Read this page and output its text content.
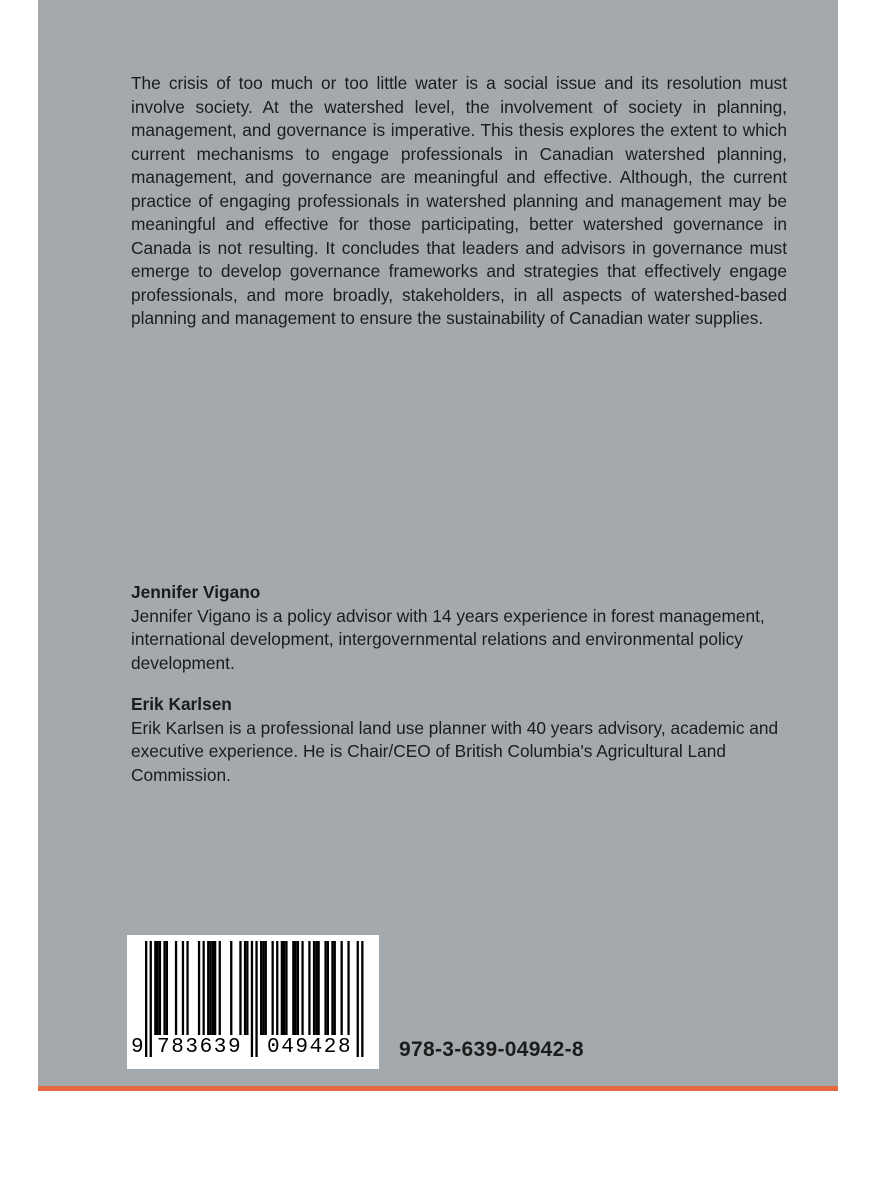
The crisis of too much or too little water is a social issue and its resolution must involve society. At the watershed level, the involvement of society in planning, management, and governance is imperative. This thesis explores the extent to which current mechanisms to engage professionals in Canadian watershed planning, management, and governance are meaningful and effective. Although, the current practice of engaging professionals in watershed planning and management may be meaningful and effective for those participating, better watershed governance in Canada is not resulting. It concludes that leaders and advisors in governance must emerge to develop governance frameworks and strategies that effectively engage professionals, and more broadly, stakeholders, in all aspects of watershed-based planning and management to ensure the sustainability of Canadian water supplies.

Jennifer Vigano

Jennifer Vigano is a policy advisor with 14 years experience in forest management, international development, intergovernmental relations and environmental policy development.

Erik Karlsen

Erik Karlsen is a professional land use planner with 40 years advisory, academic and executive experience. He is Chair/CEO of British Columbia's Agricultural Land Commission.

9 783639 049428 978-3-639-04942-8
